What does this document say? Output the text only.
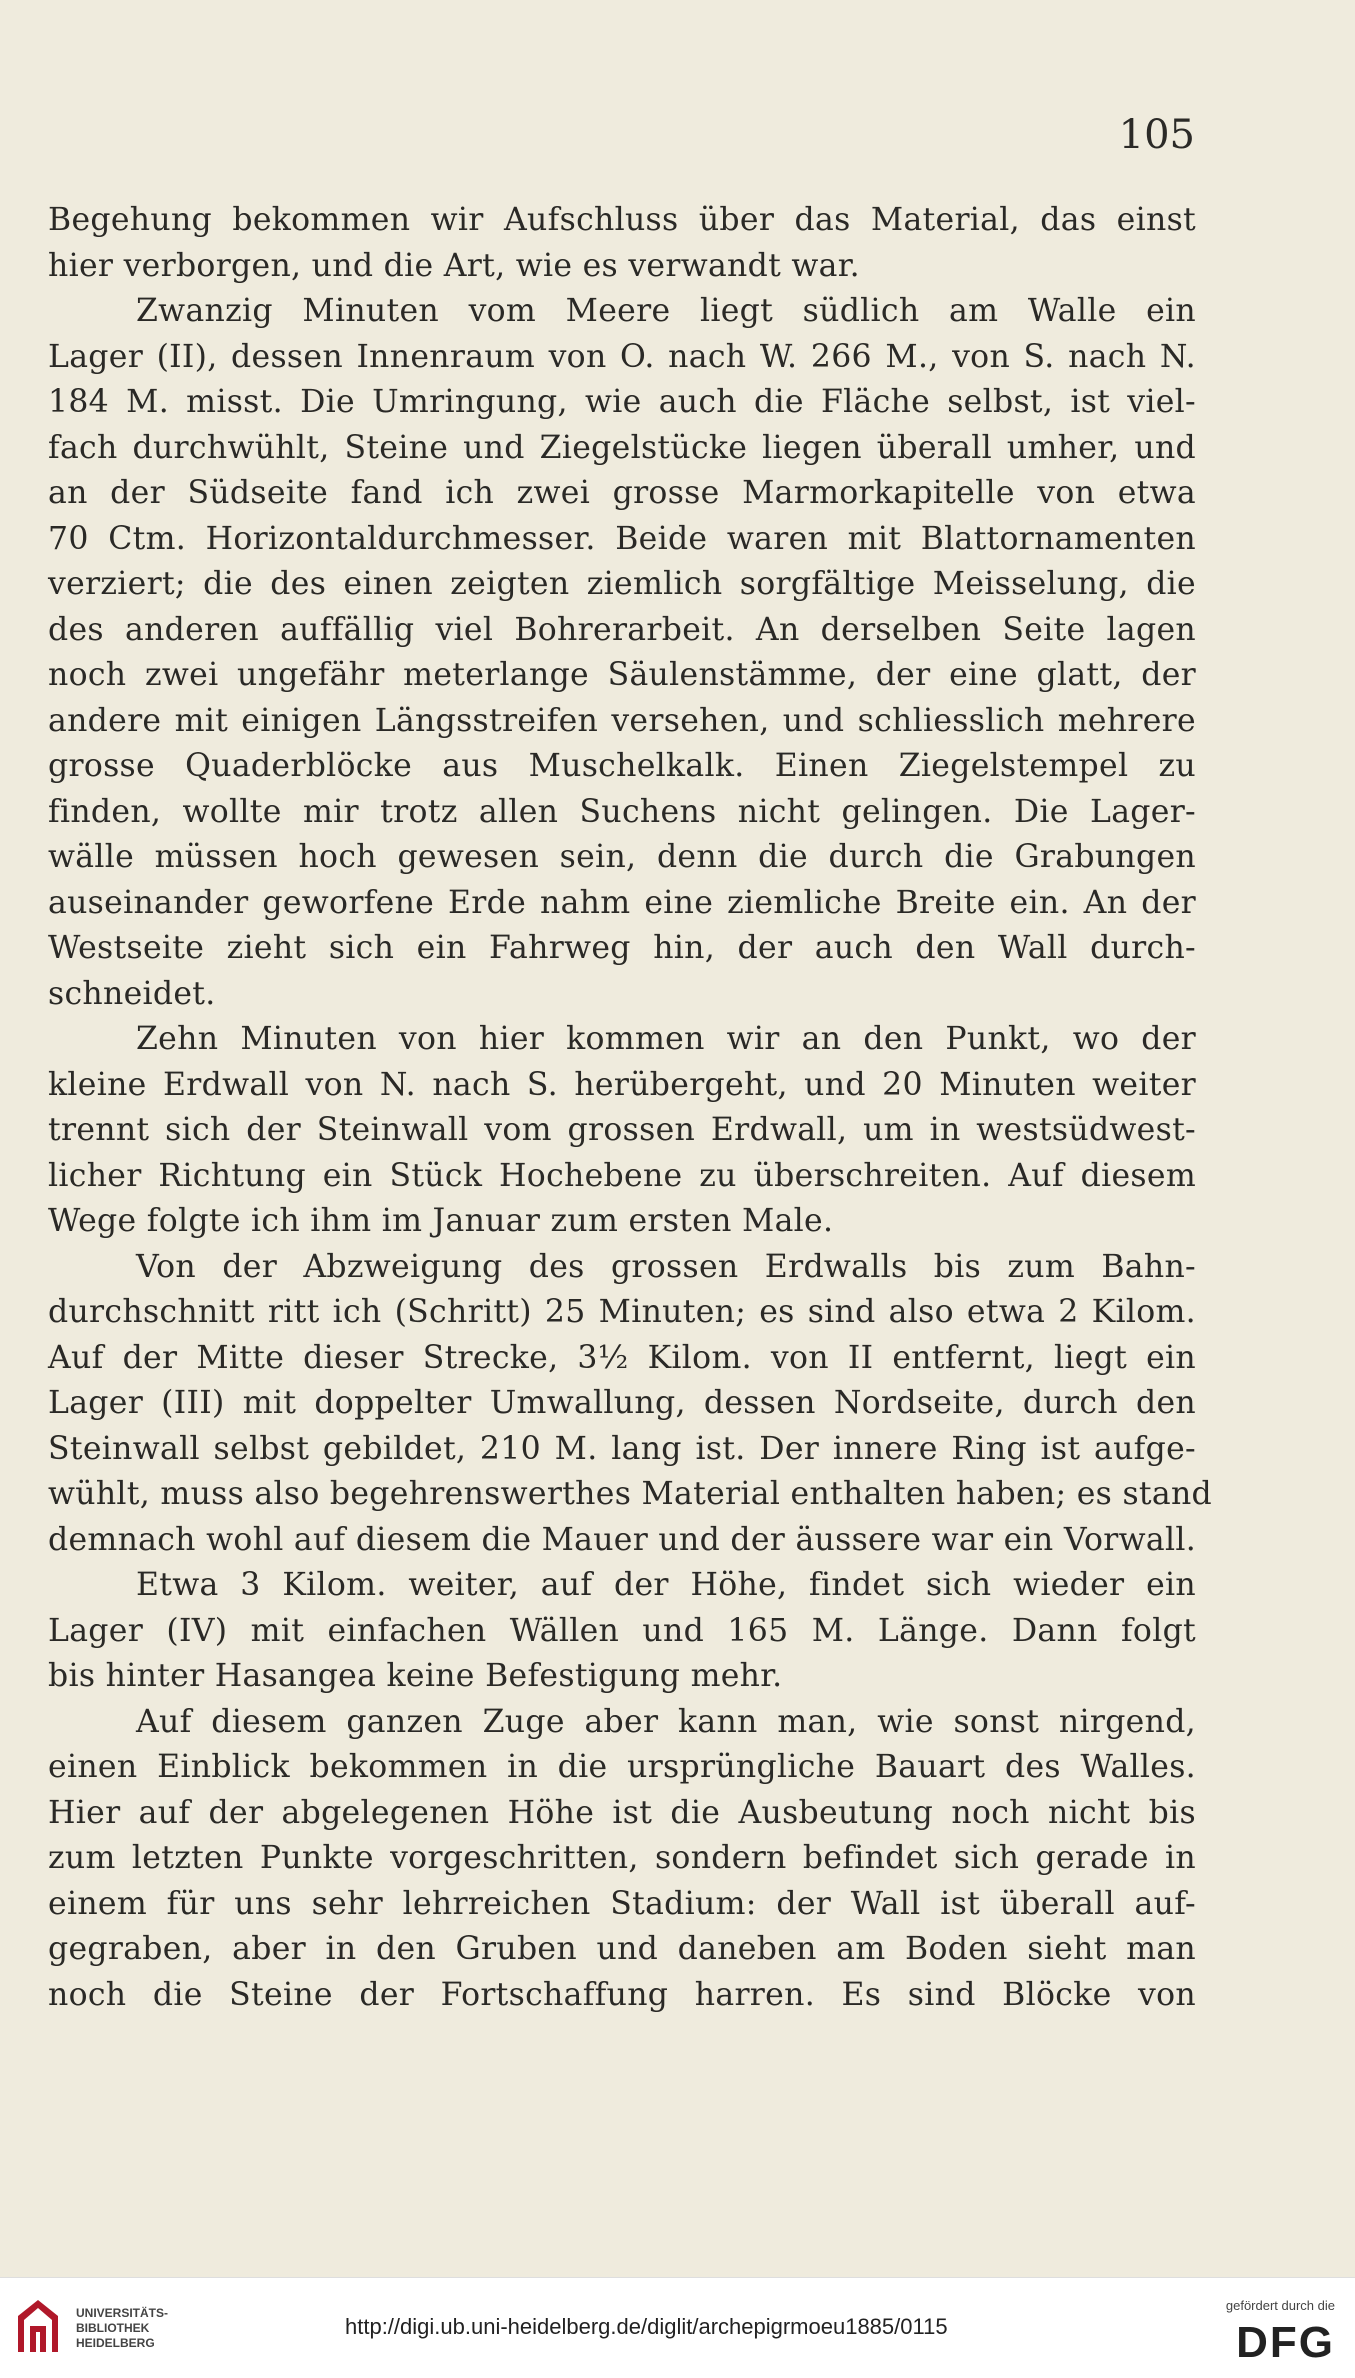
105
Begehung bekommen wir Aufschluss über das Material, das einst
hier verborgen, und die Art, wie es verwandt war.
Zwanzig Minuten vom Meere liegt südlich am Walle ein
Lager (II), dessen Innenraum von O. nach W. 266 M., von S. nach N.
184 M. misst. Die Umringung, wie auch die Fläche selbst, ist viel-
fach durchwühlt, Steine und Ziegelstücke liegen überall umher, und
an der Südseite fand ich zwei grosse Marmorkapitelle von etwa
70 Ctm. Horizontaldurchmesser. Beide waren mit Blattornamenten
verziert; die des einen zeigten ziemlich sorgfältige Meisselung, die
des anderen auffällig viel Bohrerarbeit. An derselben Seite lagen
noch zwei ungefähr meterlange Säulenstämme, der eine glatt, der
andere mit einigen Längsstreifen versehen, und schliesslich mehrere
grosse Quaderblöcke aus Muschelkalk. Einen Ziegelstempel zu
finden, wollte mir trotz allen Suchens nicht gelingen. Die Lager-
wälle müssen hoch gewesen sein, denn die durch die Grabungen
auseinander geworfene Erde nahm eine ziemliche Breite ein. An der
Westseite zieht sich ein Fahrweg hin, der auch den Wall durch-
schneidet.
Zehn Minuten von hier kommen wir an den Punkt, wo der
kleine Erdwall von N. nach S. herübergeht, und 20 Minuten weiter
trennt sich der Steinwall vom grossen Erdwall, um in westsüdwest-
licher Richtung ein Stück Hochebene zu überschreiten. Auf diesem
Wege folgte ich ihm im Januar zum ersten Male.
Von der Abzweigung des grossen Erdwalls bis zum Bahn-
durchschnitt ritt ich (Schritt) 25 Minuten; es sind also etwa 2 Kilom.
Auf der Mitte dieser Strecke, 3½ Kilom. von II entfernt, liegt ein
Lager (III) mit doppelter Umwallung, dessen Nordseite, durch den
Steinwall selbst gebildet, 210 M. lang ist. Der innere Ring ist aufge-
wühlt, muss also begehrenswerthes Material enthalten haben; es stand
demnach wohl auf diesem die Mauer und der äussere war ein Vorwall.
Etwa 3 Kilom. weiter, auf der Höhe, findet sich wieder ein
Lager (IV) mit einfachen Wällen und 165 M. Länge. Dann folgt
bis hinter Hasangea keine Befestigung mehr.
Auf diesem ganzen Zuge aber kann man, wie sonst nirgend,
einen Einblick bekommen in die ursprüngliche Bauart des Walles.
Hier auf der abgelegenen Höhe ist die Ausbeutung noch nicht bis
zum letzten Punkte vorgeschritten, sondern befindet sich gerade in
einem für uns sehr lehrreichen Stadium: der Wall ist überall auf-
gegraben, aber in den Gruben und daneben am Boden sieht man
noch die Steine der Fortschaffung harren. Es sind Blöcke von
UNIVERSITÄTS-
BIBLIOTHEK
HEIDELBERG
http://digi.ub.uni-heidelberg.de/diglit/archepigrmoeu1885/0115
gefördert durch die
DFG
